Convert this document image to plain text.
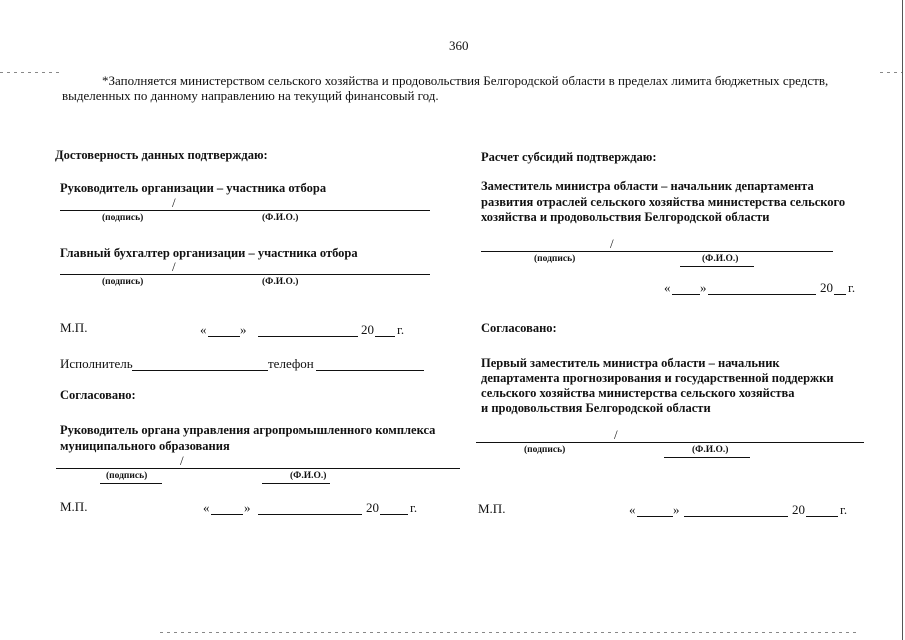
360
*Заполняется министерством сельского хозяйства и продовольствия Белгородской области в пределах лимита бюджетных средств,
выделенных по данному направлению на текущий финансовый год.
Достоверность данных подтверждаю:
Руководитель организации – участника отбора
/
(подпись)	(Ф.И.О.)
Главный бухгалтер организации – участника отбора
/
(подпись)	(Ф.И.О.)
М.П.	«	»	20 г.
Исполнитель	телефон
Согласовано:
Руководитель органа управления агропромышленного комплекса
муниципального образования
/
(подпись)	(Ф.И.О.)
М.П.	«	»	20 г.
Расчет субсидий подтверждаю:
Заместитель министра области – начальник департамента
развития отраслей сельского хозяйства министерства сельского
хозяйства и продовольствия Белгородской области
/
(подпись)	(Ф.И.О.)
« »	20 г.
Согласовано:
Первый заместитель министра области – начальник
департамента прогнозирования и государственной поддержки
сельского хозяйства министерства сельского хозяйства
и продовольствия Белгородской области
/
(подпись)	(Ф.И.О.)
М.П.	«	»	20	г.
